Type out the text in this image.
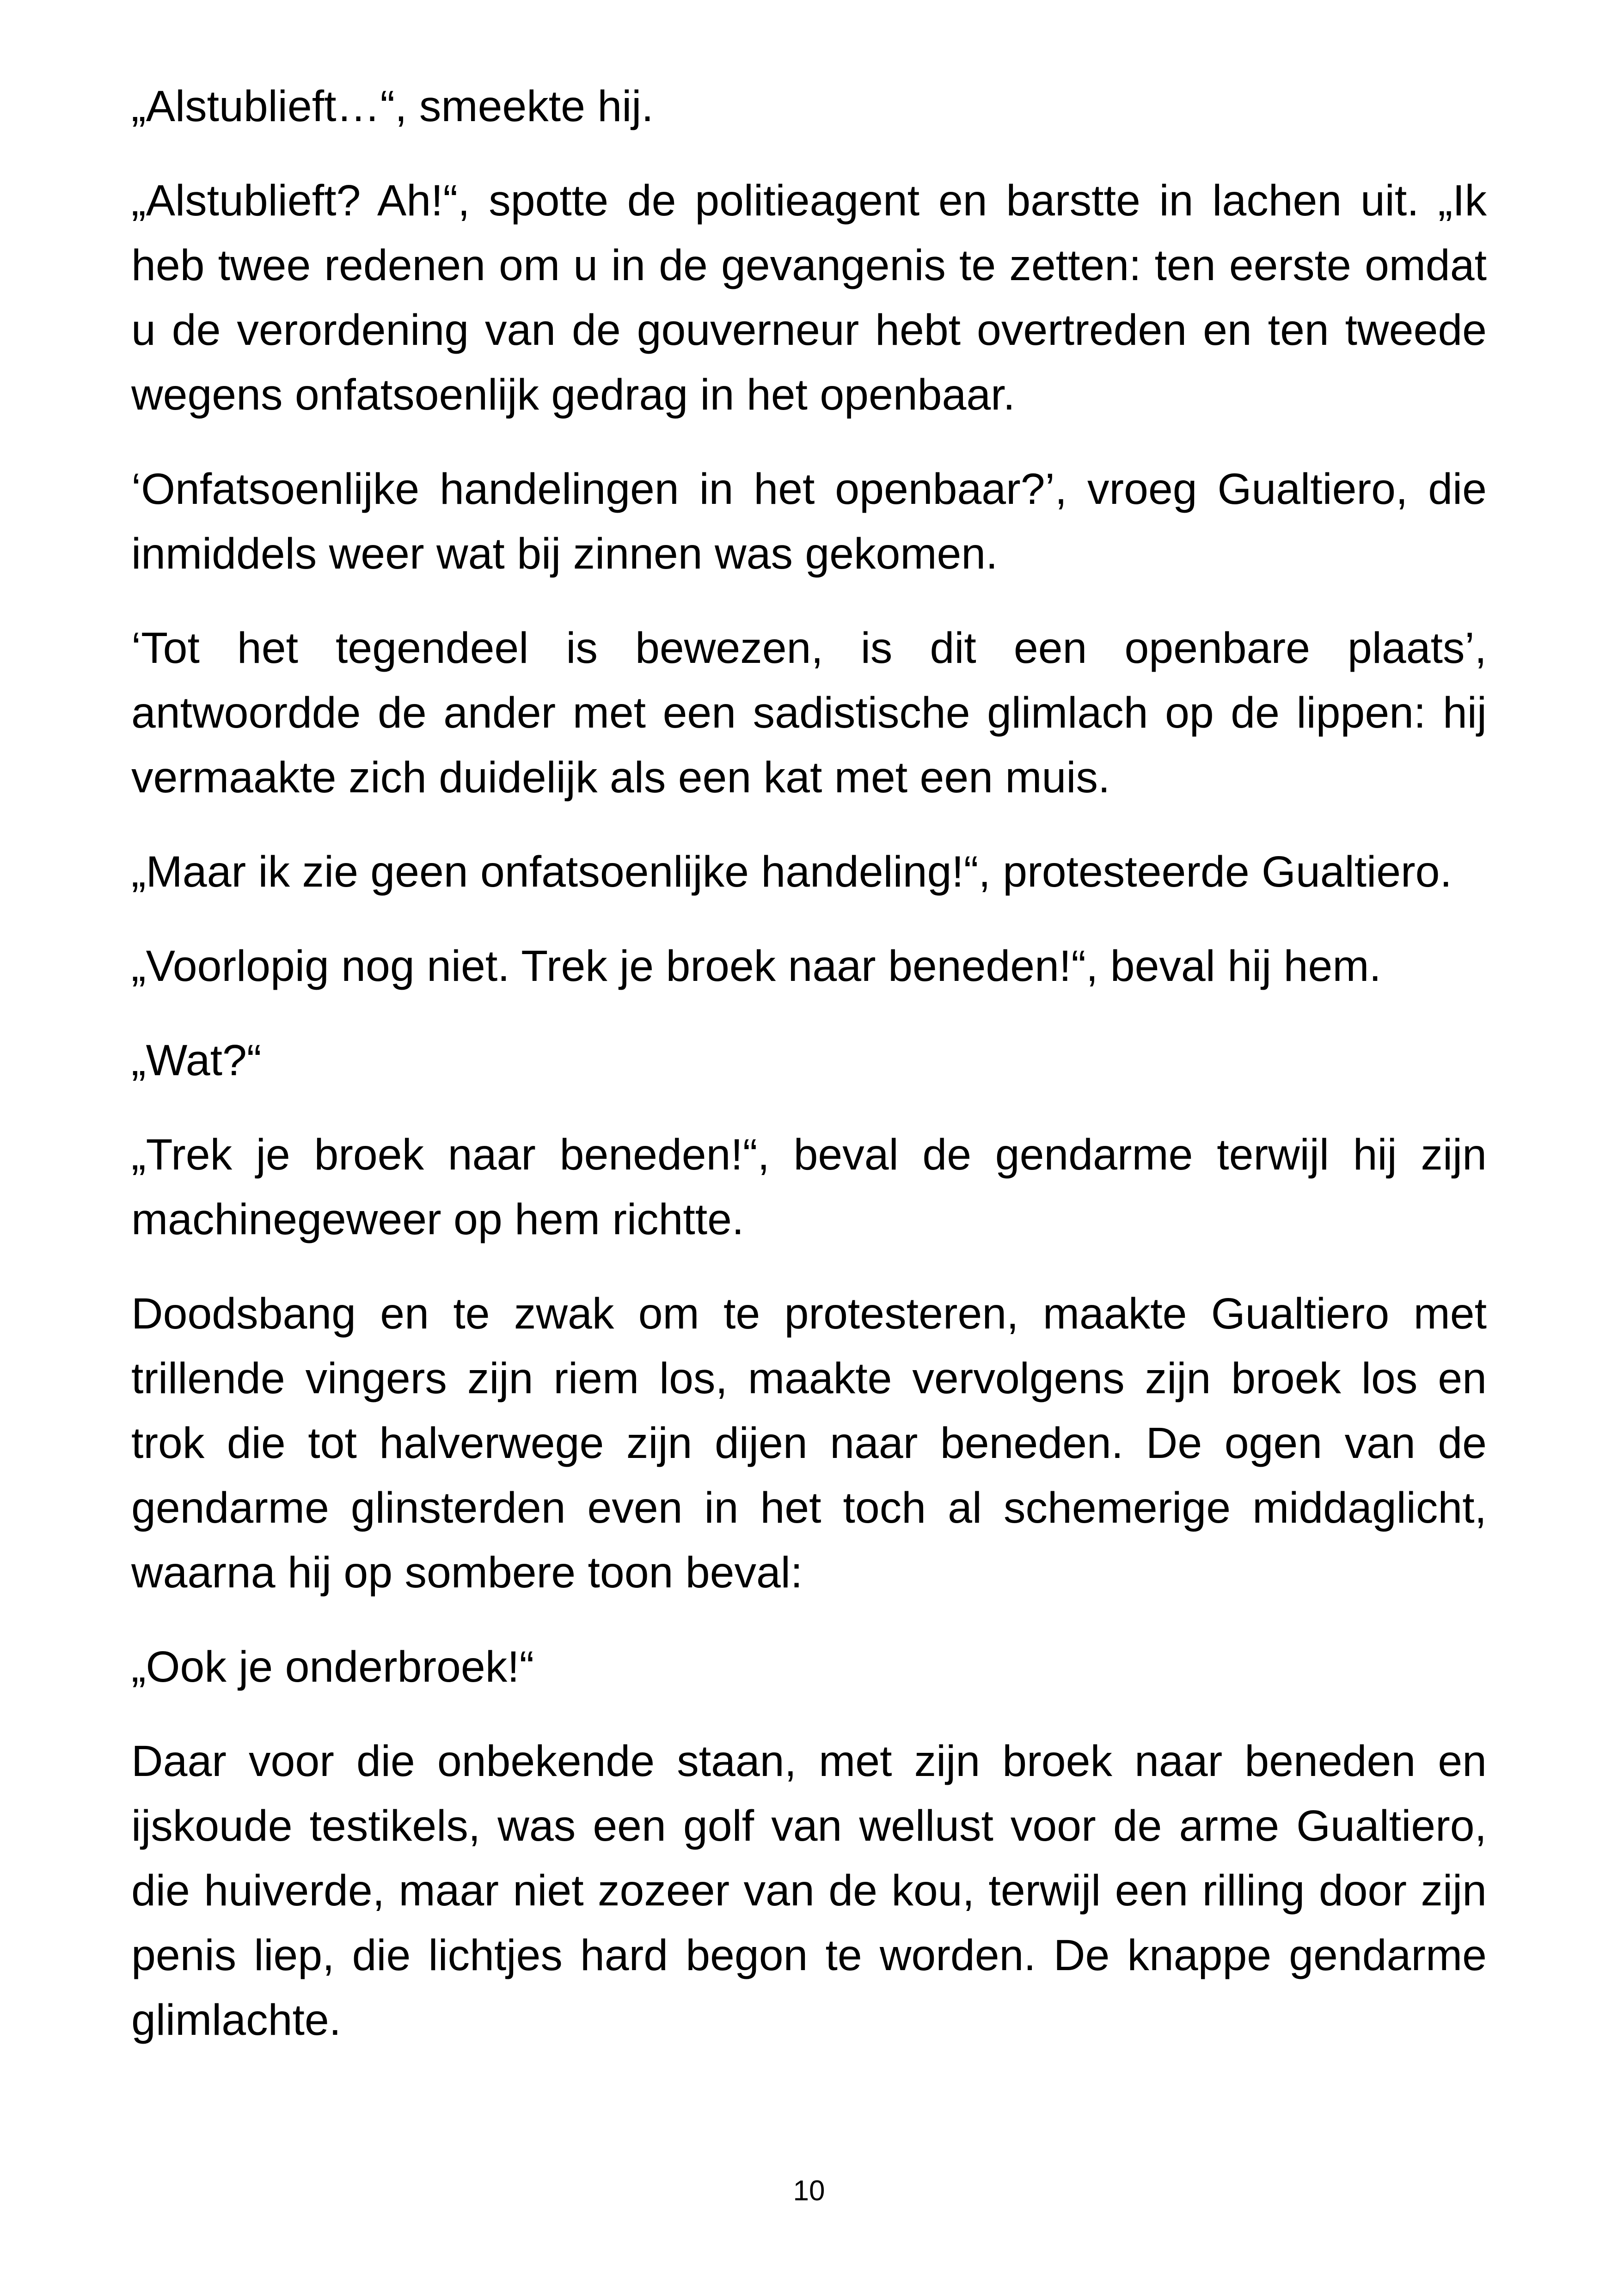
„Alstublieft…“, smeekte hij.

„Alstublieft? Ah!“, spotte de politieagent en barstte in lachen uit. „Ik heb twee redenen om u in de gevangenis te zetten: ten eerste omdat u de verordening van de gouverneur hebt overtreden en ten tweede wegens onfatsoenlijk gedrag in het openbaar.

‘Onfatsoenlijke handelingen in het openbaar?’, vroeg Gualtiero, die inmiddels weer wat bij zinnen was gekomen.

‘Tot het tegendeel is bewezen, is dit een openbare plaats’, antwoordde de ander met een sadistische glimlach op de lippen: hij vermaakte zich duidelijk als een kat met een muis.

„Maar ik zie geen onfatsoenlijke handeling!“, protesteerde Gualtiero.

„Voorlopig nog niet. Trek je broek naar beneden!“, beval hij hem.

„Wat?“

„Trek je broek naar beneden!“, beval de gendarme terwijl hij zijn machinegeweer op hem richtte.

Doodsbang en te zwak om te protesteren, maakte Gualtiero met trillende vingers zijn riem los, maakte vervolgens zijn broek los en trok die tot halverwege zijn dijen naar beneden. De ogen van de gendarme glinsterden even in het toch al schemerige middaglicht, waarna hij op sombere toon beval:

„Ook je onderbroek!“

Daar voor die onbekende staan, met zijn broek naar beneden en ijskoude testikels, was een golf van wellust voor de arme Gualtiero, die huiverde, maar niet zozeer van de kou, terwijl een rilling door zijn penis liep, die lichtjes hard begon te worden. De knappe gendarme glimlachte.

10
